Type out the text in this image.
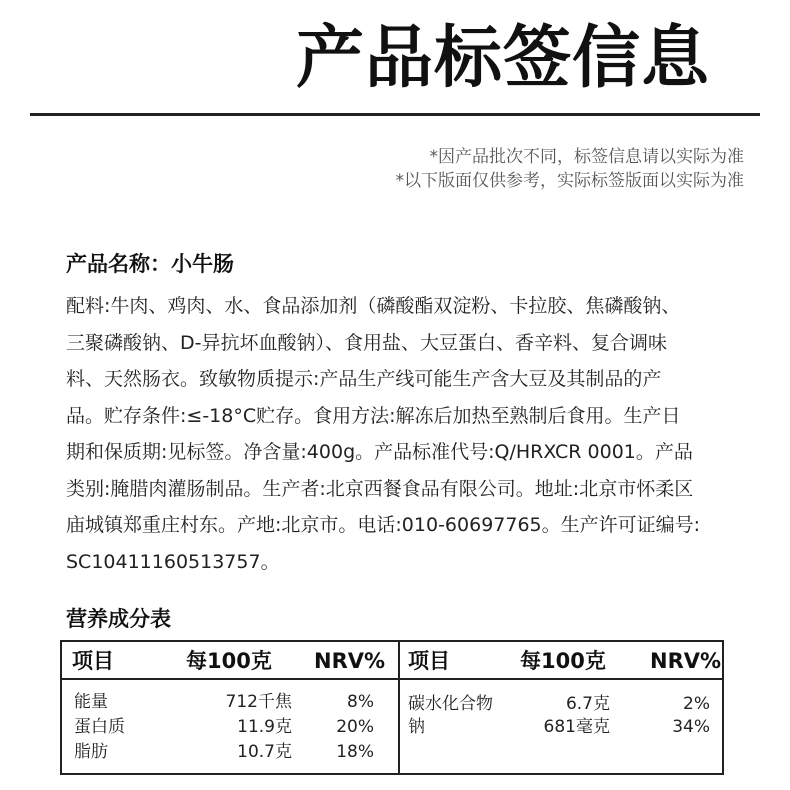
产品标签信息
*因产品批次不同，标签信息请以实际为准
*以下版面仅供参考，实际标签版面以实际为准
产品名称：小牛肠
配料:牛肉、鸡肉、水、食品添加剂（磷酸酯双淀粉、卡拉胶、焦磷酸钠、
三聚磷酸钠、D-异抗坏血酸钠）、食用盐、大豆蛋白、香辛料、复合调味
料、天然肠衣。致敏物质提示:产品生产线可能生产含大豆及其制品的产
品。贮存条件:≤-18°C贮存。食用方法:解冻后加热至熟制后食用。生产日
期和保质期:见标签。净含量:400g。产品标准代号:Q/HRXCR 0001。产品
类别:腌腊肉灌肠制品。生产者:北京西餐食品有限公司。地址:北京市怀柔区
庙城镇郑重庄村东。产地:北京市。电话:010-60697765。生产许可证编号:
SC10411160513757。
营养成分表
项目	每100克 NRV% 项目	每100克 NRV%
能量	712千焦	8%
蛋白质	11.9克	20%
脂肪	10.7克	18%
碳水化合物	6.7克	2%
钠	681毫克	34%
